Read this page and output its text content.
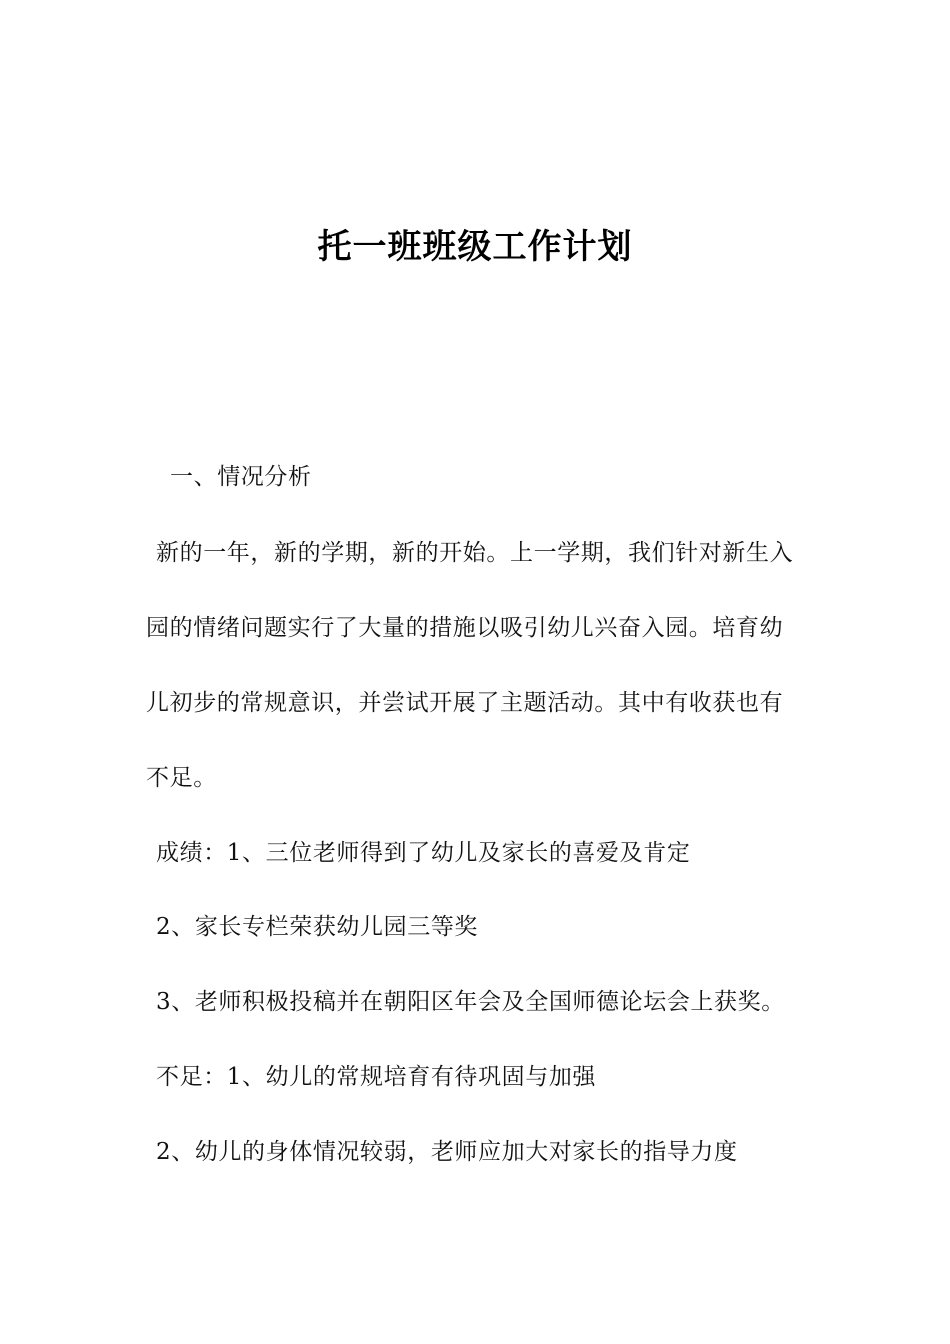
托一班班级工作计划
一、情况分析
新的一年，新的学期，新的开始。上一学期，我们针对新生入
园的情绪问题实行了大量的措施以吸引幼儿兴奋入园。培育幼
儿初步的常规意识，并尝试开展了主题活动。其中有收获也有
不足。
成绩：1、三位老师得到了幼儿及家长的喜爱及肯定
2、家长专栏荣获幼儿园三等奖
3、老师积极投稿并在朝阳区年会及全国师德论坛会上获奖。
不足：1、幼儿的常规培育有待巩固与加强
2、幼儿的身体情况较弱，老师应加大对家长的指导力度
